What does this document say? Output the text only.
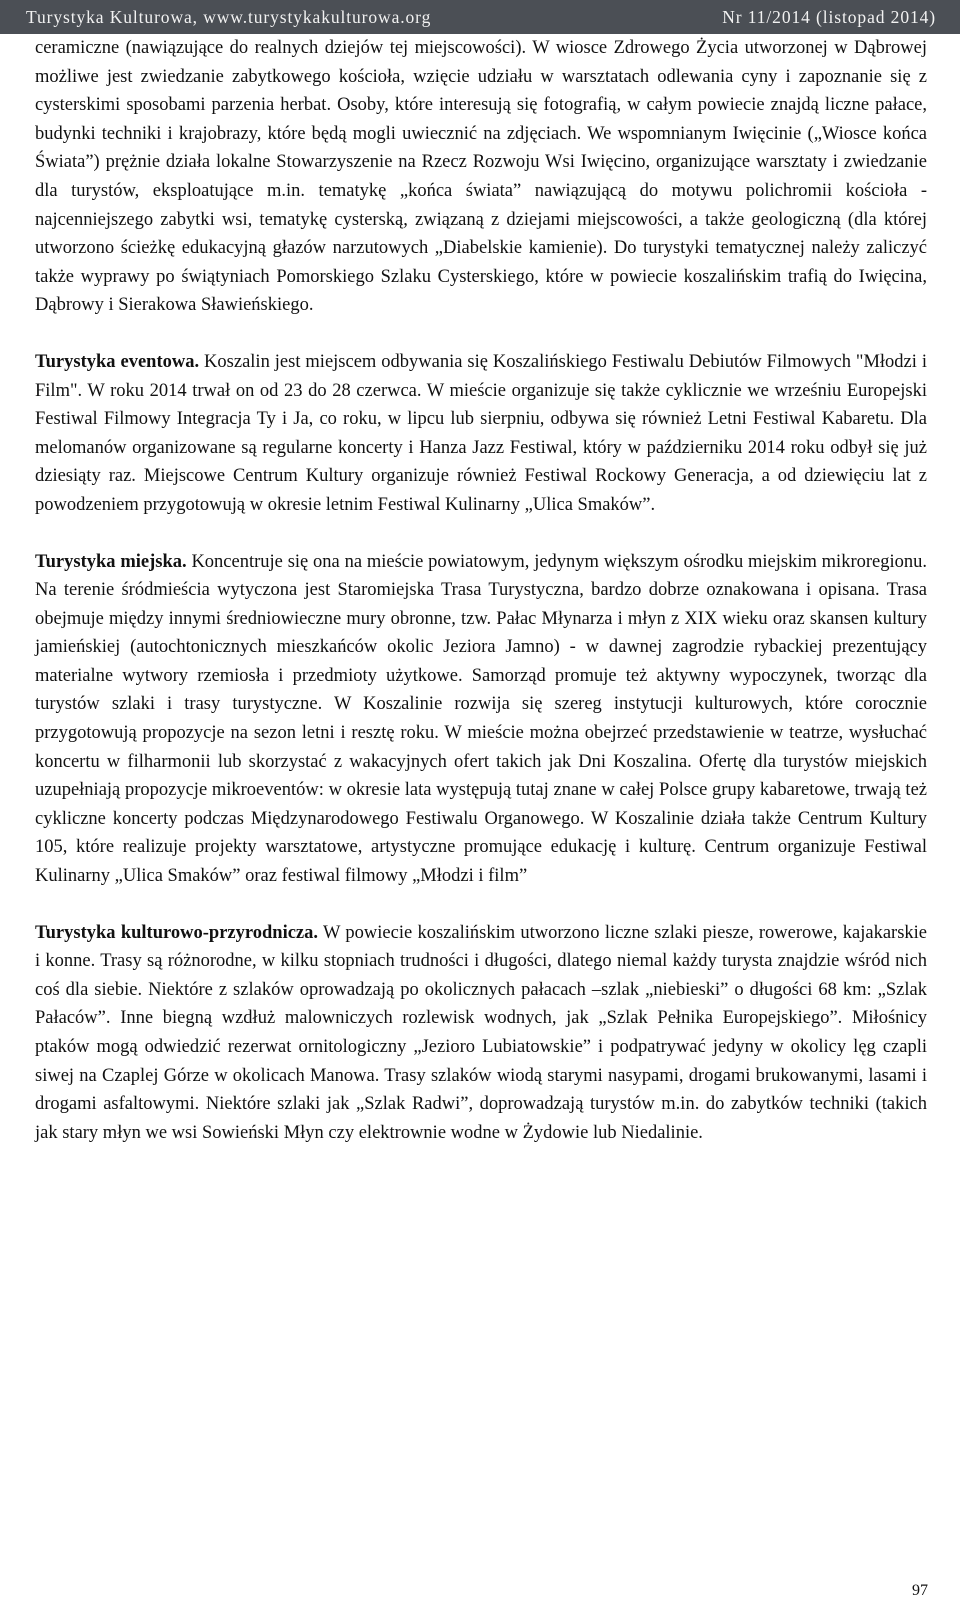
Turystyka Kulturowa, www.turystykakulturowa.org	Nr 11/2014 (listopad 2014)

ceramiczne (nawiązujące do realnych dziejów tej miejscowości). W wiosce Zdrowego Życia utworzonej w Dąbrowej możliwe jest zwiedzanie zabytkowego kościoła, wzięcie udziału w warsztatach odlewania cyny i zapoznanie się z cysterskimi sposobami parzenia herbat. Osoby, które interesują się fotografią, w całym powiecie znajdą liczne pałace, budynki techniki i krajobrazy, które będą mogli uwiecznić na zdjęciach. We wspomnianym Iwięcinie („Wiosce końca Świata”) prężnie działa lokalne Stowarzyszenie na Rzecz Rozwoju Wsi Iwięcino, organizujące warsztaty i zwiedzanie dla turystów, eksploatujące m.in. tematykę „końca świata” nawiązującą do motywu polichromii kościoła - najcenniejszego zabytki wsi, tematykę cysterską, związaną z dziejami miejscowości, a także geologiczną (dla której utworzono ścieżkę edukacyjną głazów narzutowych „Diabelskie kamienie). Do turystyki tematycznej należy zaliczyć także wyprawy po świątyniach Pomorskiego Szlaku Cysterskiego, które w powiecie koszalińskim trafią do Iwięcina, Dąbrowy i Sierakowa Sławieńskiego.

Turystyka eventowa. Koszalin jest miejscem odbywania się Koszalińskiego Festiwalu Debiutów Filmowych "Młodzi i Film". W roku 2014 trwał on od 23 do 28 czerwca. W mieście organizuje się także cyklicznie we wrześniu Europejski Festiwal Filmowy Integracja Ty i Ja, co roku, w lipcu lub sierpniu, odbywa się również Letni Festiwal Kabaretu. Dla melomanów organizowane są regularne koncerty i Hanza Jazz Festiwal, który w październiku 2014 roku odbył się już dziesiąty raz. Miejscowe Centrum Kultury organizuje również Festiwal Rockowy Generacja, a od dziewięciu lat z powodzeniem przygotowują w okresie letnim Festiwal Kulinarny „Ulica Smaków”.

Turystyka miejska. Koncentruje się ona na mieście powiatowym, jedynym większym ośrodku miejskim mikroregionu. Na terenie śródmieścia wytyczona jest Staromiejska Trasa Turystyczna, bardzo dobrze oznakowana i opisana. Trasa obejmuje między innymi średniowieczne mury obronne, tzw. Pałac Młynarza i młyn z XIX wieku oraz skansen kultury jamieńskiej (autochtonicznych mieszkańców okolic Jeziora Jamno) - w dawnej zagrodzie rybackiej prezentujący materialne wytwory rzemiosła i przedmioty użytkowe. Samorząd promuje też aktywny wypoczynek, tworząc dla turystów szlaki i trasy turystyczne. W Koszalinie rozwija się szereg instytucji kulturowych, które corocznie przygotowują propozycje na sezon letni i resztę roku. W mieście można obejrzeć przedstawienie w teatrze, wysłuchać koncertu w filharmonii lub skorzystać z wakacyjnych ofert takich jak Dni Koszalina. Ofertę dla turystów miejskich uzupełniają propozycje mikroeventów: w okresie lata występują tutaj znane w całej Polsce grupy kabaretowe, trwają też cykliczne koncerty podczas Międzynarodowego Festiwalu Organowego. W Koszalinie działa także Centrum Kultury 105, które realizuje projekty warsztatowe, artystyczne promujące edukację i kulturę. Centrum organizuje Festiwal Kulinarny „Ulica Smaków” oraz festiwal filmowy „Młodzi i film”

Turystyka kulturowo-przyrodnicza. W powiecie koszalińskim utworzono liczne szlaki piesze, rowerowe, kajakarskie i konne. Trasy są różnorodne, w kilku stopniach trudności i długości, dlatego niemal każdy turysta znajdzie wśród nich coś dla siebie. Niektóre z szlaków oprowadzają po okolicznych pałacach –szlak „niebieski” o długości 68 km: „Szlak Pałaców”. Inne biegną wzdłuż malowniczych rozlewisk wodnych, jak „Szlak Pełnika Europejskiego”. Miłośnicy ptaków mogą odwiedzić rezerwat ornitologiczny „Jezioro Lubiatowskie” i podpatrywać jedyny w okolicy lęg czapli siwej na Czaplej Górze w okolicach Manowa. Trasy szlaków wiodą starymi nasypami, drogami brukowanymi, lasami i drogami asfaltowymi. Niektóre szlaki jak „Szlak Radwi”, doprowadzają turystów m.in. do zabytków techniki (takich jak stary młyn we wsi Sowieński Młyn czy elektrownie wodne w Żydowie lub Niedalinie.

97
